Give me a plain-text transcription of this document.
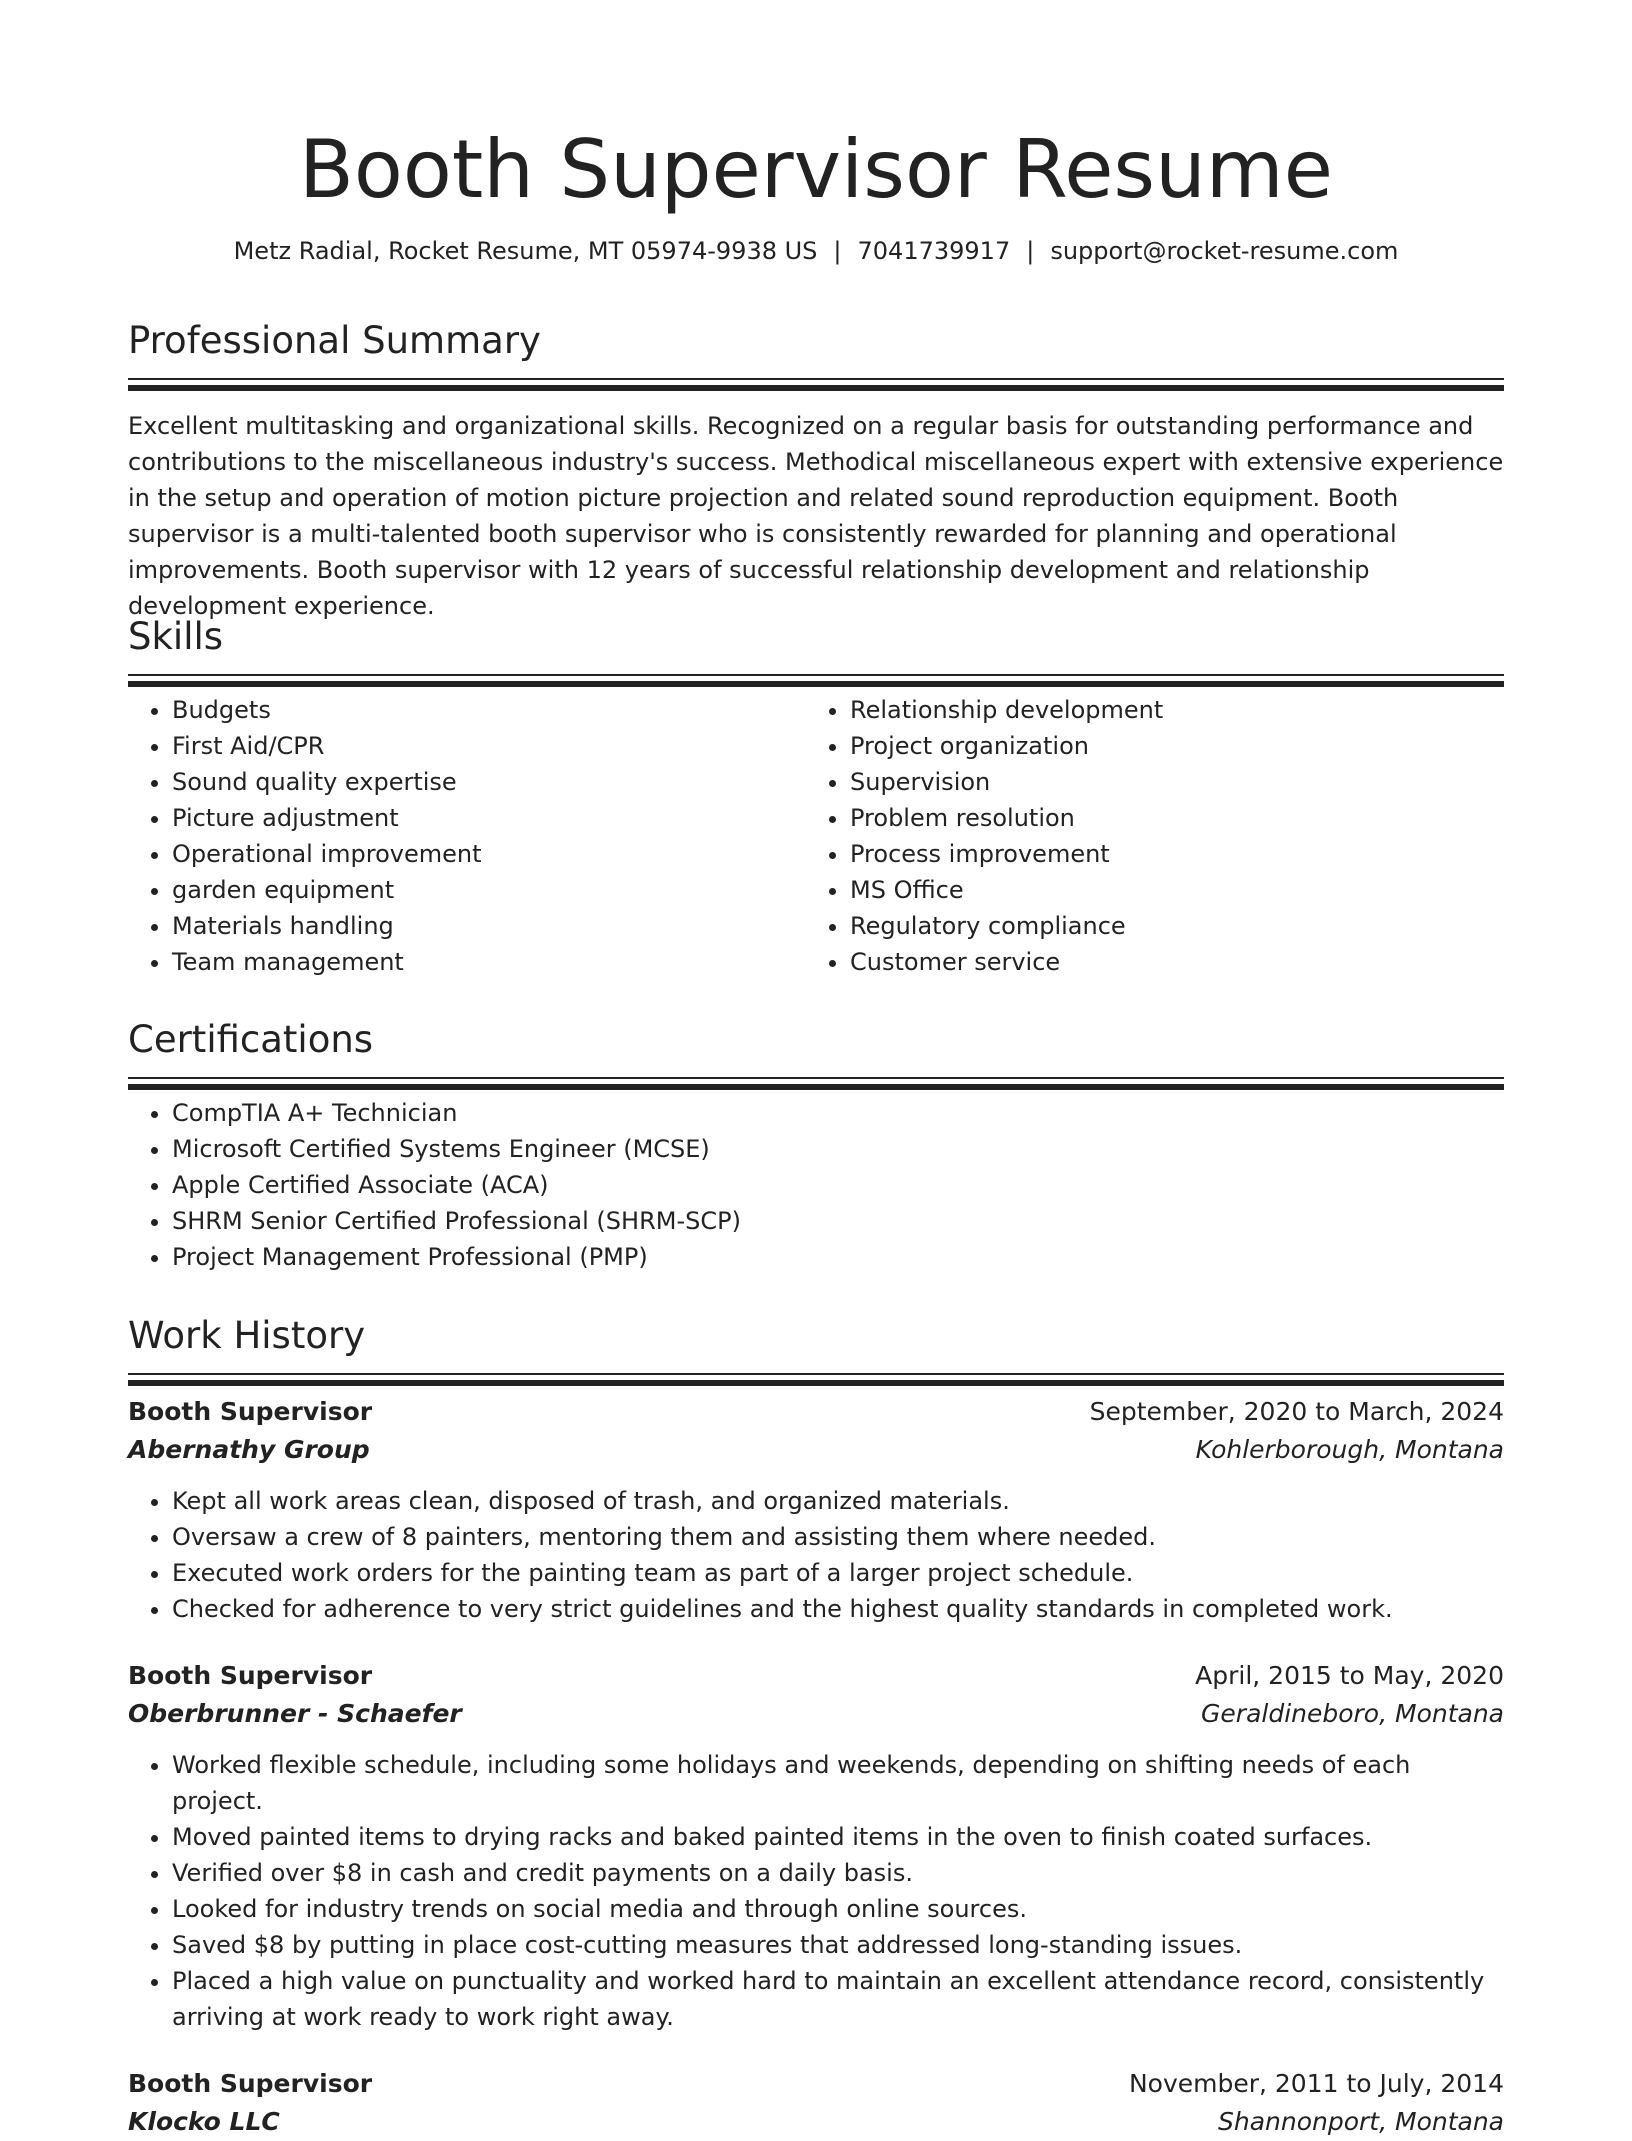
Booth Supervisor Resume
Metz Radial, Rocket Resume, MT 05974-9938 US | 7041739917 | support@rocket-resume.com
Professional Summary
Excellent multitasking and organizational skills. Recognized on a regular basis for outstanding performance and contributions to the miscellaneous industry's success. Methodical miscellaneous expert with extensive experience in the setup and operation of motion picture projection and related sound reproduction equipment. Booth supervisor is a multi-talented booth supervisor who is consistently rewarded for planning and operational improvements. Booth supervisor with 12 years of successful relationship development and relationship development experience.
Skills
• Budgets
• First Aid/CPR
• Sound quality expertise
• Picture adjustment
• Operational improvement
• garden equipment
• Materials handling
• Team management
• Relationship development
• Project organization
• Supervision
• Problem resolution
• Process improvement
• MS Office
• Regulatory compliance
• Customer service
Certifications
• CompTIA A+ Technician
• Microsoft Certified Systems Engineer (MCSE)
• Apple Certified Associate (ACA)
• SHRM Senior Certified Professional (SHRM-SCP)
• Project Management Professional (PMP)
Work History
Booth Supervisor	September, 2020 to March, 2024
Abernathy Group	Kohlerborough, Montana
• Kept all work areas clean, disposed of trash, and organized materials.
• Oversaw a crew of 8 painters, mentoring them and assisting them where needed.
• Executed work orders for the painting team as part of a larger project schedule.
• Checked for adherence to very strict guidelines and the highest quality standards in completed work.
Booth Supervisor	April, 2015 to May, 2020
Oberbrunner - Schaefer	Geraldineboro, Montana
• Worked flexible schedule, including some holidays and weekends, depending on shifting needs of each project.
• Moved painted items to drying racks and baked painted items in the oven to finish coated surfaces.
• Verified over $8 in cash and credit payments on a daily basis.
• Looked for industry trends on social media and through online sources.
• Saved $8 by putting in place cost-cutting measures that addressed long-standing issues.
• Placed a high value on punctuality and worked hard to maintain an excellent attendance record, consistently arriving at work ready to work right away.
Booth Supervisor	November, 2011 to July, 2014
Klocko LLC	Shannonport, Montana
